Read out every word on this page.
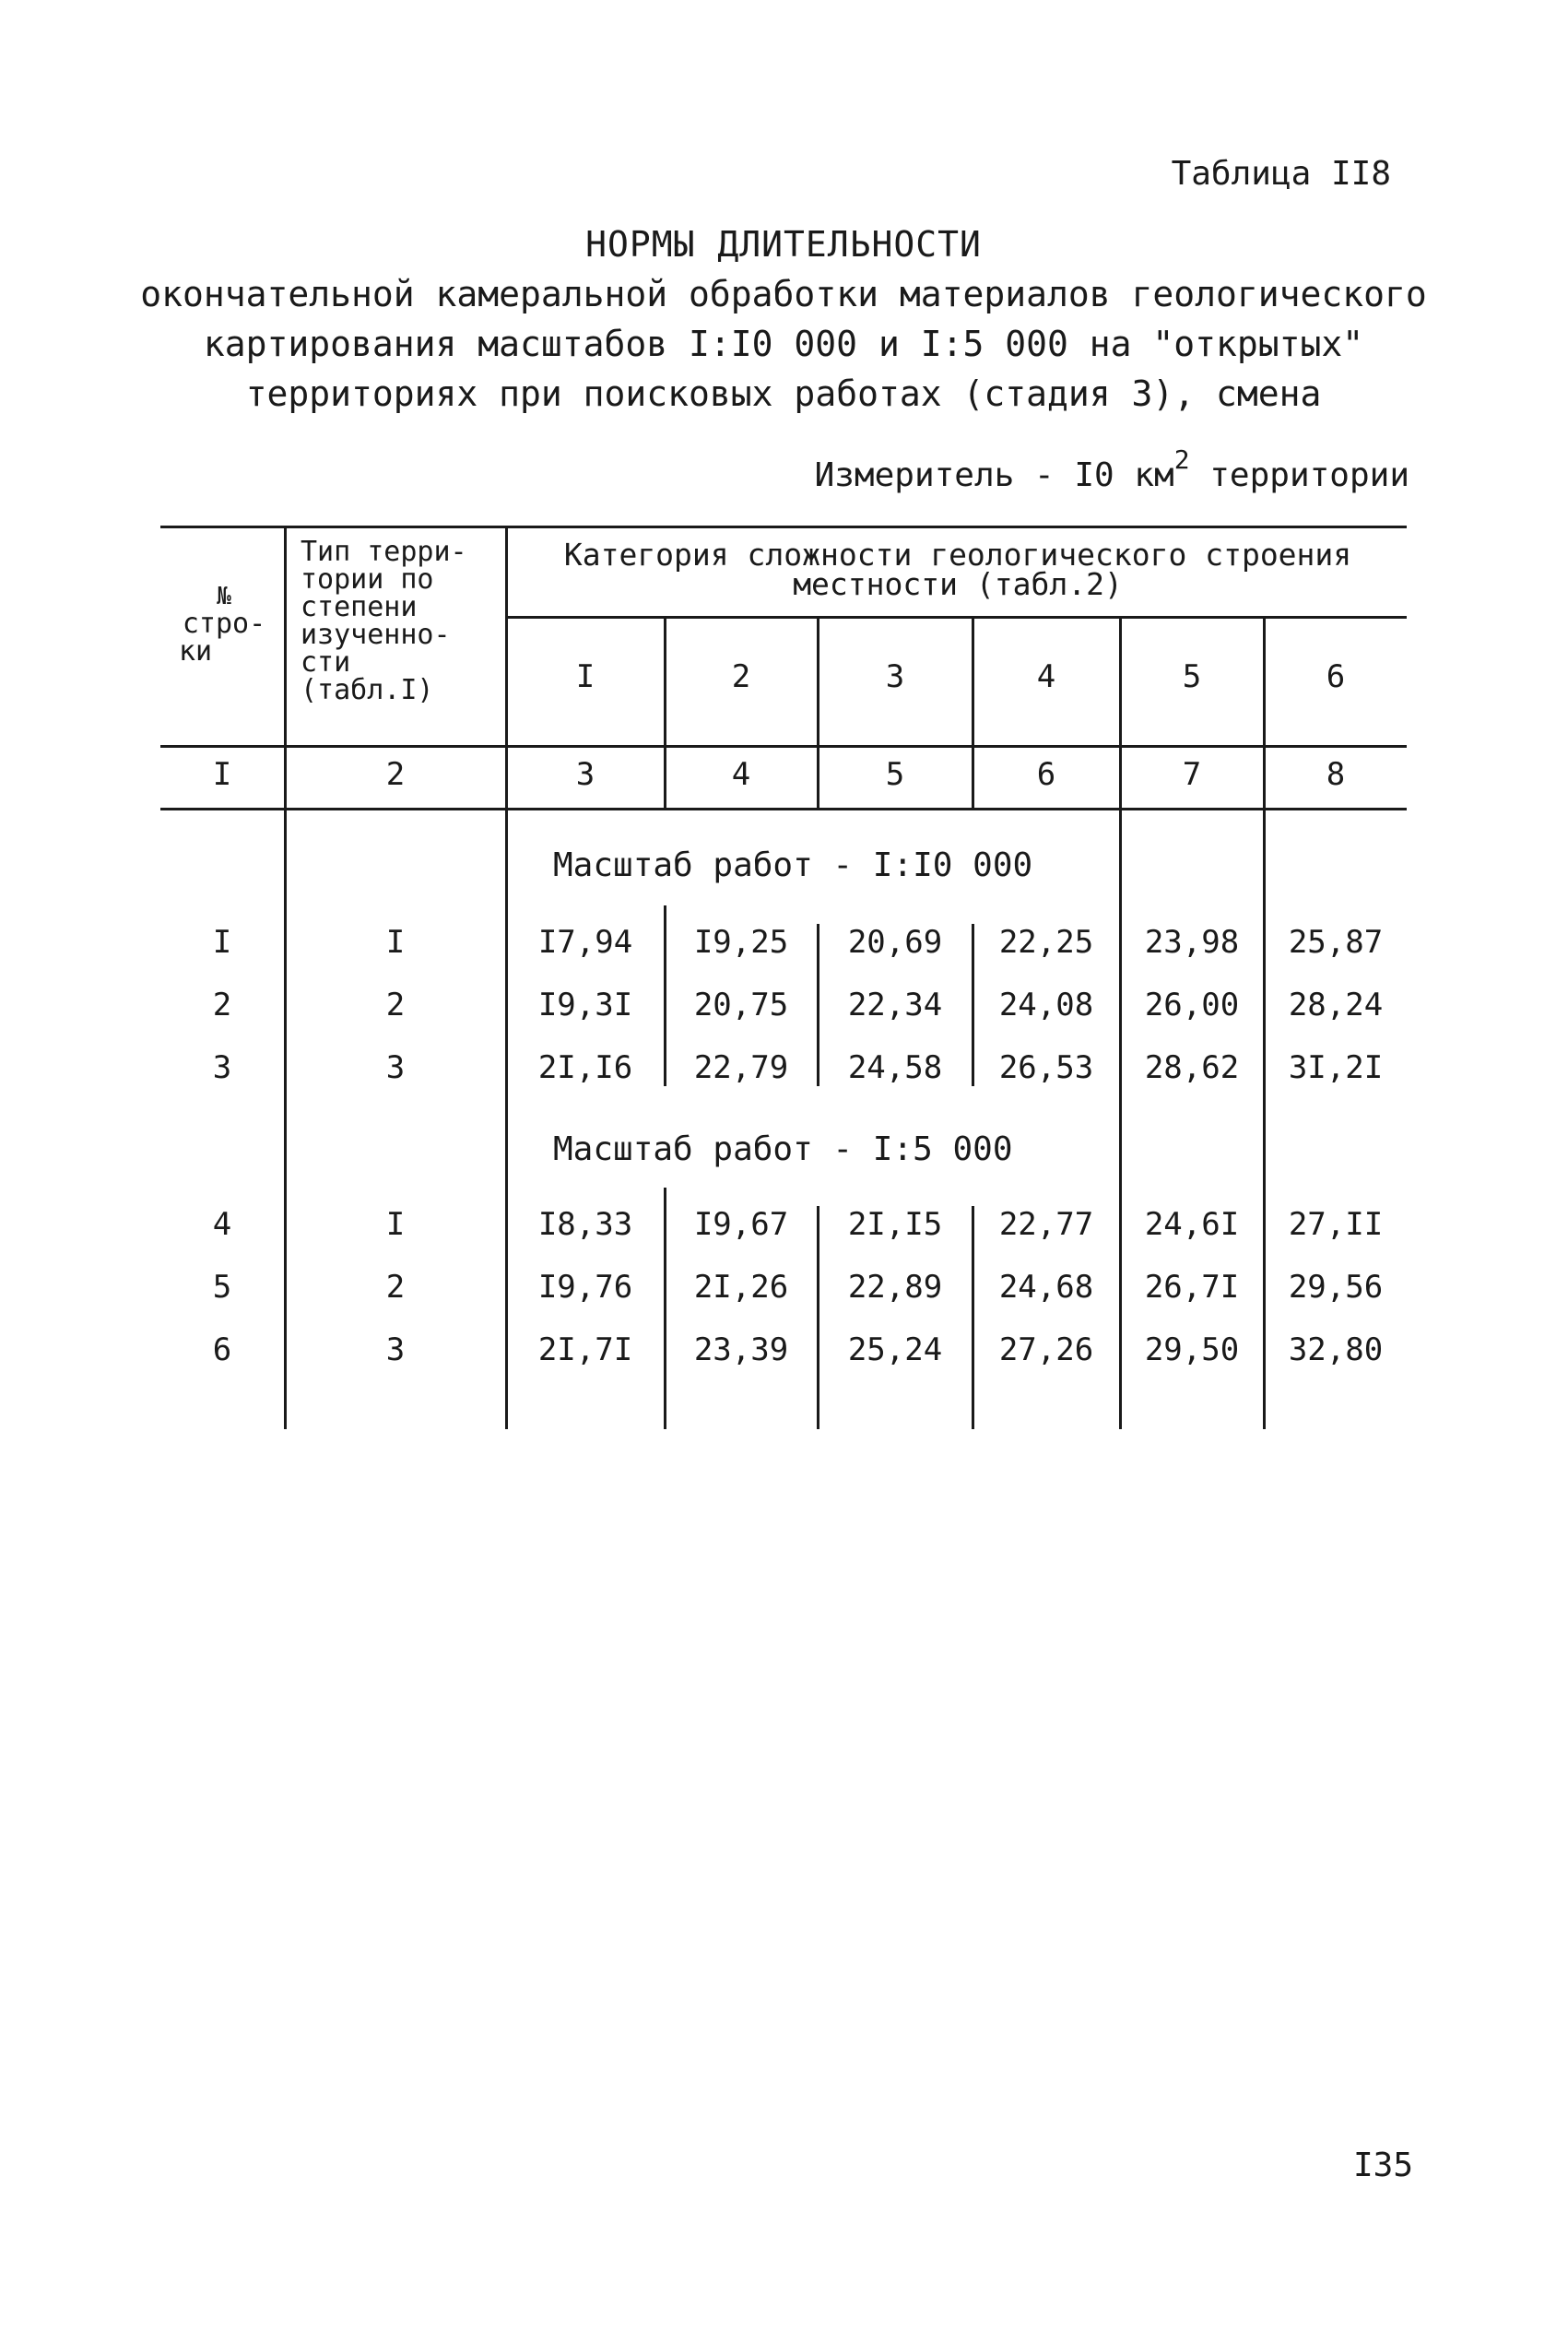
Таблица II8
НОРМЫ ДЛИТЕЛЬНОСТИ
окончательной камеральной обработки материалов геологического
картирования масштабов I:I0 000 и I:5 000 на "открытых"
территориях при поисковых работах (стадия 3), смена
Измеритель - I0 $км^2$ территории
№
стро-
ки
Тип терри-
тории по
степени
изученно-
сти
(табл.I)
Категория сложности геологического строения
местности (табл.2)
I	2	3	4	5	6
I	2	3	4	5	6	7	8
Масштаб работ - I:I0 000
Масштаб работ - I:5 000
I	I	I7,94	I9,25	20,69	22,25	23,98	25,87
2	2	I9,3I	20,75	22,34	24,08	26,00	28,24
3	3	2I,I6	22,79	24,58	26,53	28,62	3I,2I
4	I	I8,33	I9,67	2I,I5	22,77	24,6I	27,II
5	2	I9,76	2I,26	22,89	24,68	26,7I	29,56
6	3	2I,7I	23,39	25,24	27,26	29,50	32,80
I35
